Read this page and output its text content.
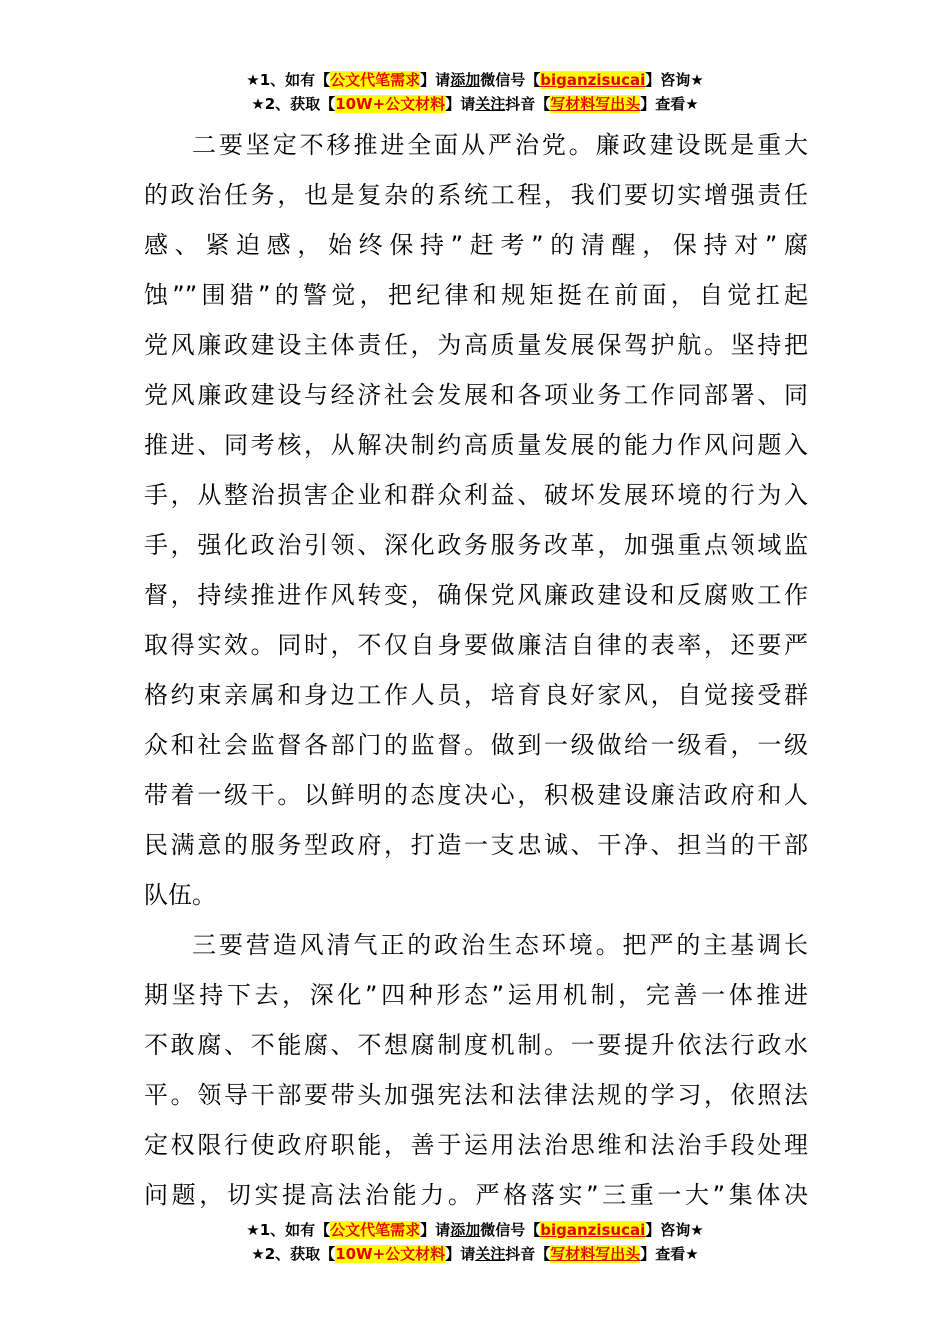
★1、如有【公文代笔需求】请添加微信号【biganzisucai】咨询★
★2、获取【10W+公文材料】请关注抖音【写材料写出头】查看★
二要坚定不移推进全面从严治党。廉政建设既是重大
的政治任务，也是复杂的系统工程，我们要切实增强责任
感、紧迫感，始终保持”赶考”的清醒，保持对”腐
蚀””围猎”的警觉，把纪律和规矩挺在前面，自觉扛起
党风廉政建设主体责任，为高质量发展保驾护航。坚持把
党风廉政建设与经济社会发展和各项业务工作同部署、同
推进、同考核，从解决制约高质量发展的能力作风问题入
手，从整治损害企业和群众利益、破坏发展环境的行为入
手，强化政治引领、深化政务服务改革，加强重点领域监
督，持续推进作风转变，确保党风廉政建设和反腐败工作
取得实效。同时，不仅自身要做廉洁自律的表率，还要严
格约束亲属和身边工作人员，培育良好家风，自觉接受群
众和社会监督各部门的监督。做到一级做给一级看，一级
带着一级干。以鲜明的态度决心，积极建设廉洁政府和人
民满意的服务型政府，打造一支忠诚、干净、担当的干部
队伍。
三要营造风清气正的政治生态环境。把严的主基调长
期坚持下去，深化”四种形态”运用机制，完善一体推进
不敢腐、不能腐、不想腐制度机制。一要提升依法行政水
平。领导干部要带头加强宪法和法律法规的学习，依照法
定权限行使政府职能，善于运用法治思维和法治手段处理
问题，切实提高法治能力。严格落实”三重一大”集体决
★1、如有【公文代笔需求】请添加微信号【biganzisucai】咨询★
★2、获取【10W+公文材料】请关注抖音【写材料写出头】查看★
